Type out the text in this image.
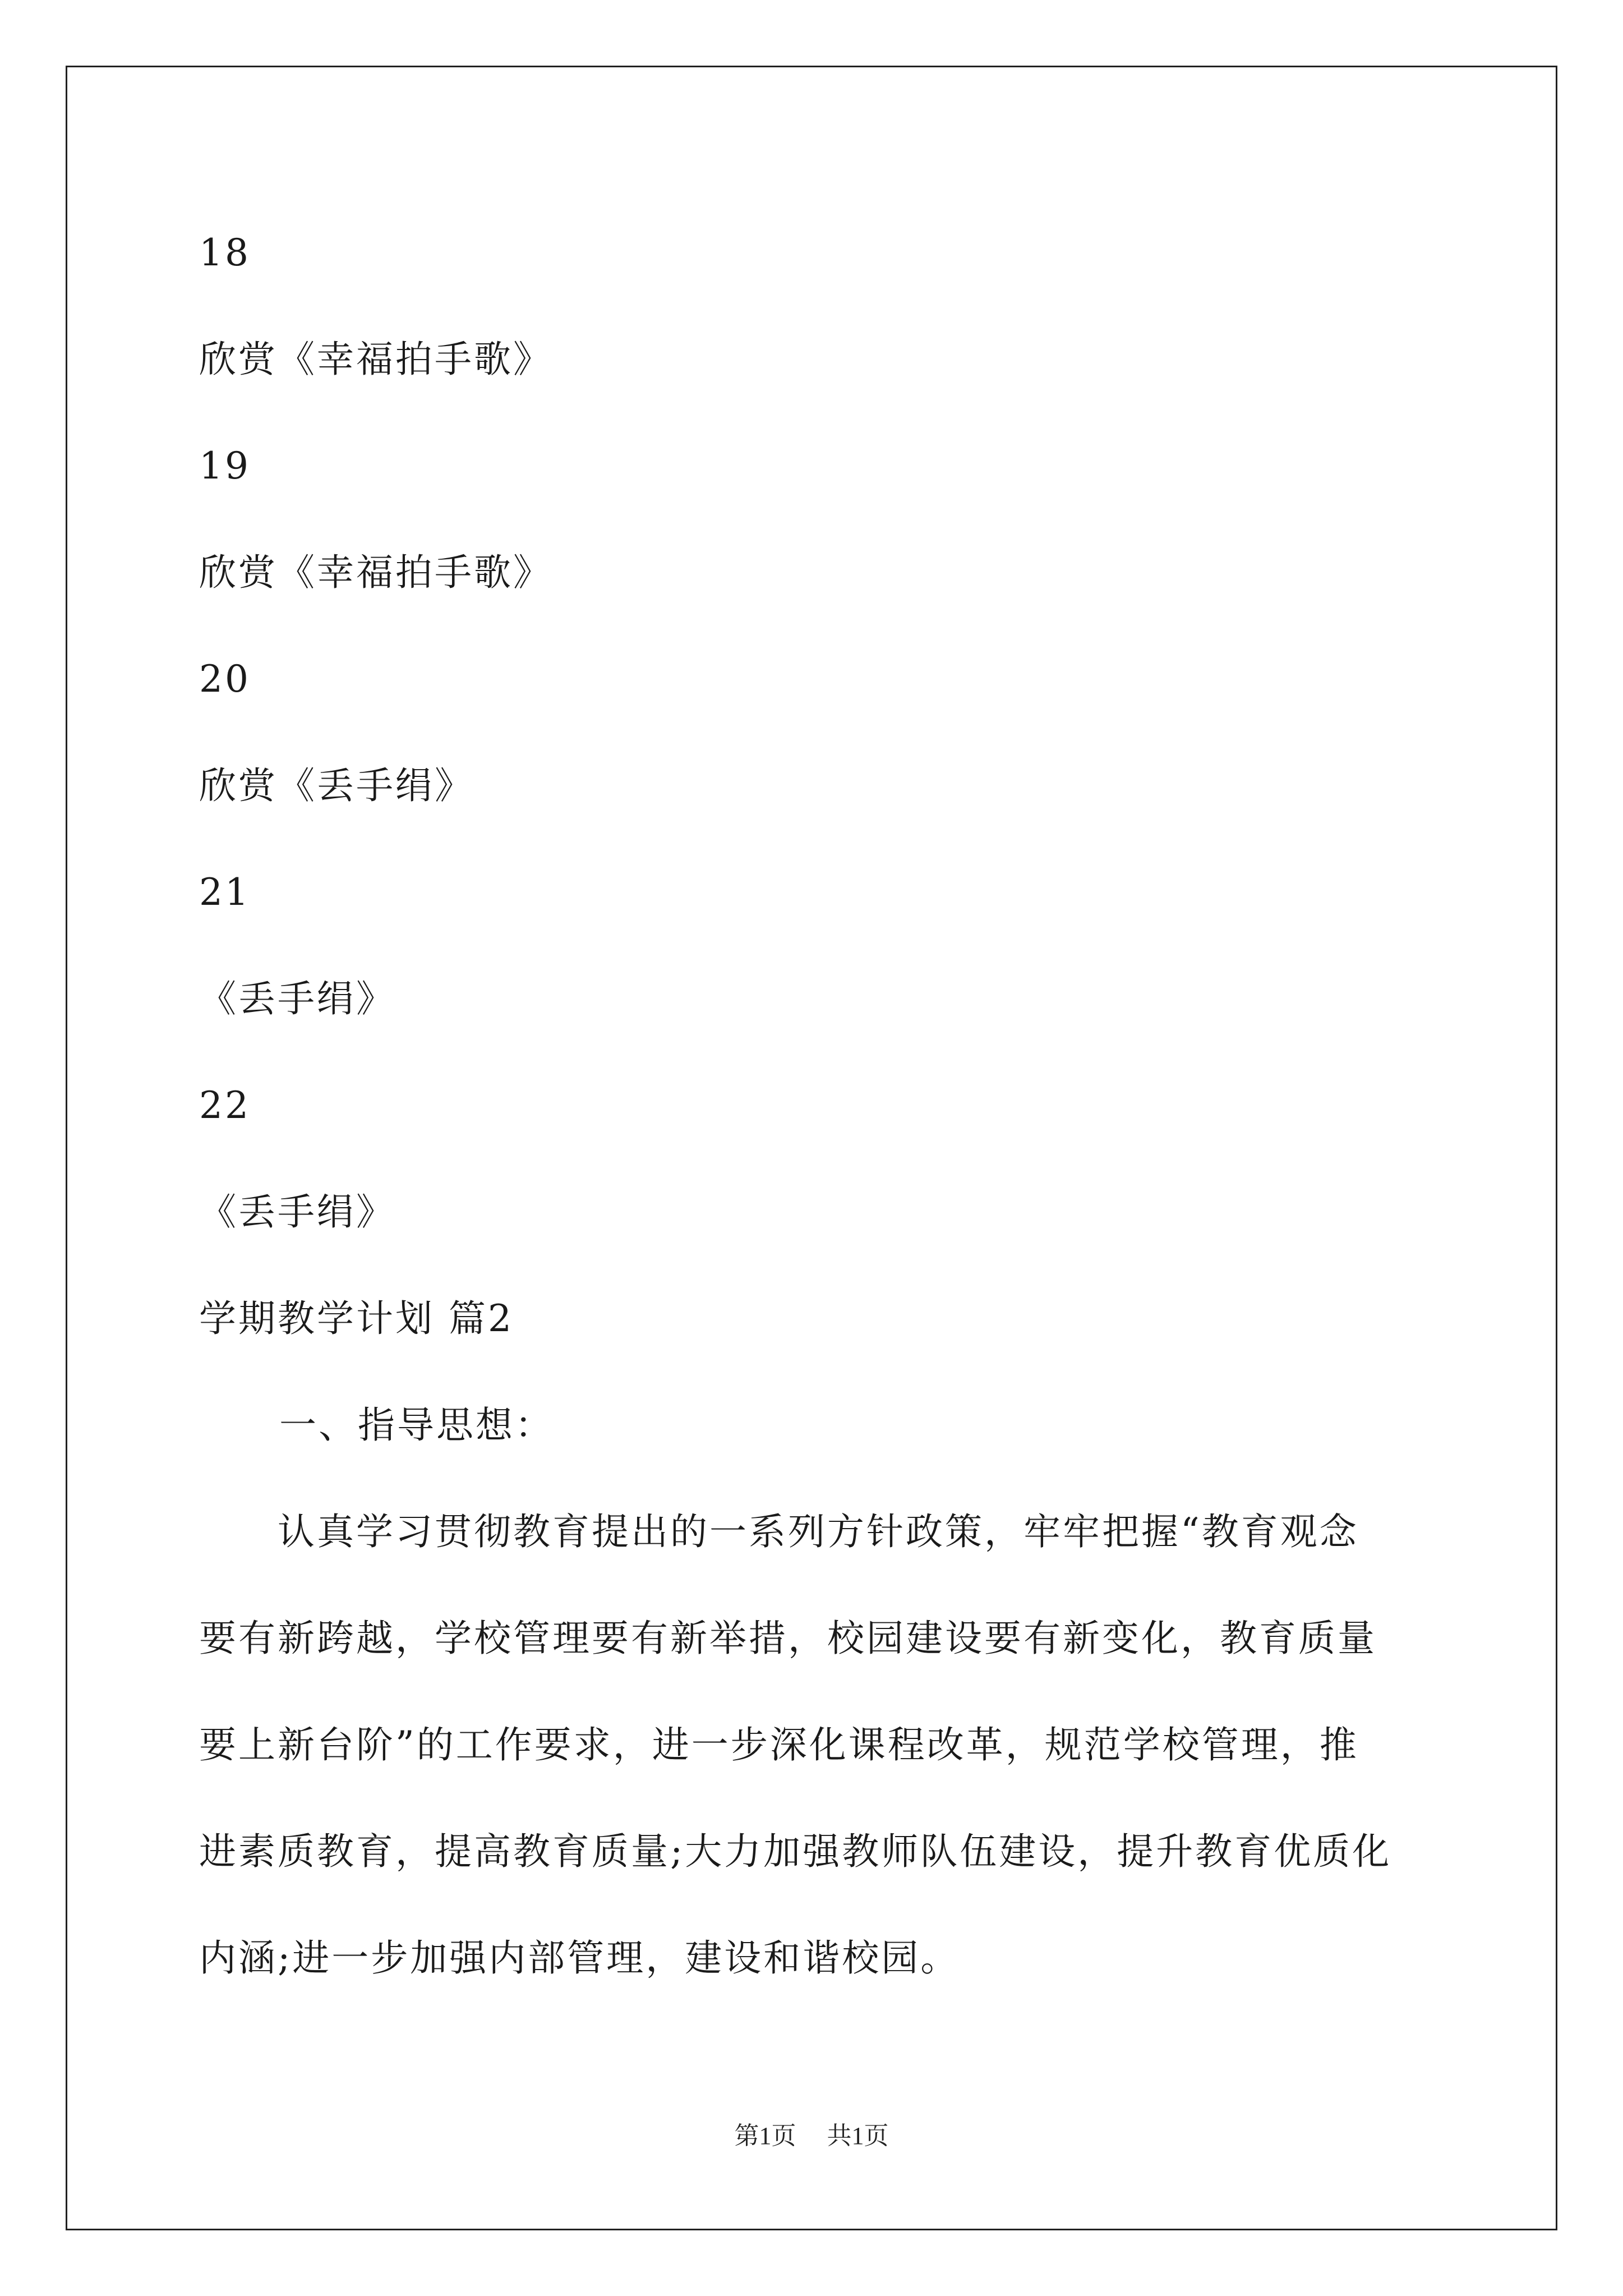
18
欣赏《幸福拍手歌》
19
欣赏《幸福拍手歌》
20
欣赏《丢手绢》
21
《丢手绢》
22
《丢手绢》
学期教学计划 篇2
一、指导思想：
　　认真学习贯彻教育提出的一系列方针政策，牢牢把握“教育观念
要有新跨越，学校管理要有新举措，校园建设要有新变化，教育质量
要上新台阶”的工作要求，进一步深化课程改革，规范学校管理，推
进素质教育，提高教育质量;大力加强教师队伍建设，提升教育优质化
内涵;进一步加强内部管理，建设和谐校园。
第1页 共1页
